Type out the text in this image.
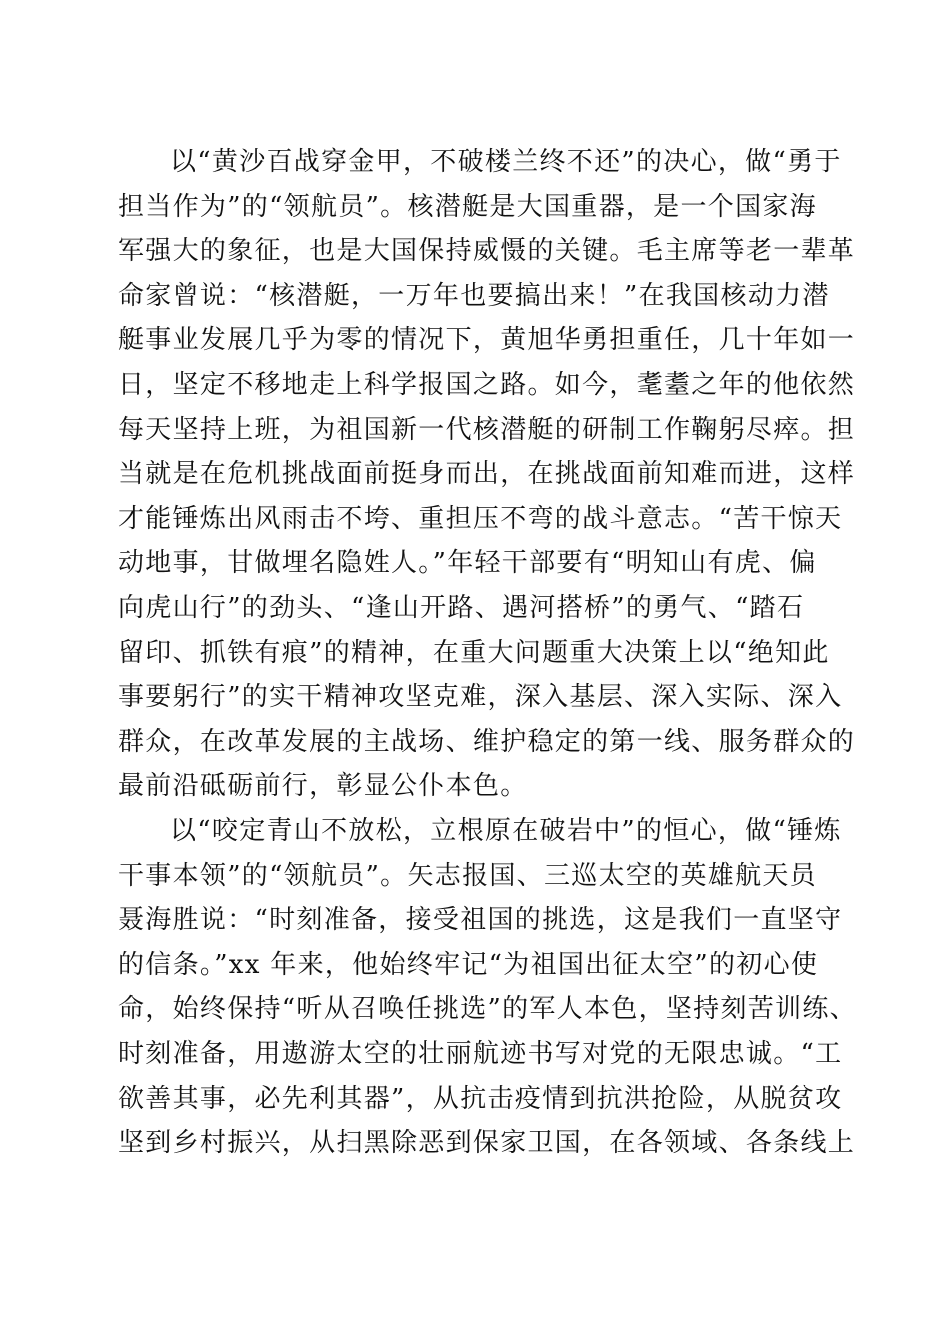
以“黄沙百战穿金甲，不破楼兰终不还”的决心，做“勇于
担当作为”的“领航员”。核潜艇是大国重器，是一个国家海
军强大的象征，也是大国保持威慑的关键。毛主席等老一辈革
命家曾说：“核潜艇，一万年也要搞出来！”在我国核动力潜
艇事业发展几乎为零的情况下，黄旭华勇担重任，几十年如一
日，坚定不移地走上科学报国之路。如今，耄耋之年的他依然
每天坚持上班，为祖国新一代核潜艇的研制工作鞠躬尽瘁。担
当就是在危机挑战面前挺身而出，在挑战面前知难而进，这样
才能锤炼出风雨击不垮、重担压不弯的战斗意志。“苦干惊天
动地事，甘做埋名隐姓人。”年轻干部要有“明知山有虎、偏
向虎山行”的劲头、“逢山开路、遇河搭桥”的勇气、“踏石
留印、抓铁有痕”的精神，在重大问题重大决策上以“绝知此
事要躬行”的实干精神攻坚克难，深入基层、深入实际、深入
群众，在改革发展的主战场、维护稳定的第一线、服务群众的
最前沿砥砺前行，彰显公仆本色。
以“咬定青山不放松，立根原在破岩中”的恒心，做“锤炼
干事本领”的“领航员”。矢志报国、三巡太空的英雄航天员
聂海胜说：“时刻准备，接受祖国的挑选，这是我们一直坚守
的信条。”xx 年来，他始终牢记“为祖国出征太空”的初心使
命，始终保持“听从召唤任挑选”的军人本色，坚持刻苦训练、
时刻准备，用遨游太空的壮丽航迹书写对党的无限忠诚。“工
欲善其事，必先利其器”，从抗击疫情到抗洪抢险，从脱贫攻
坚到乡村振兴，从扫黑除恶到保家卫国，在各领域、各条线上
